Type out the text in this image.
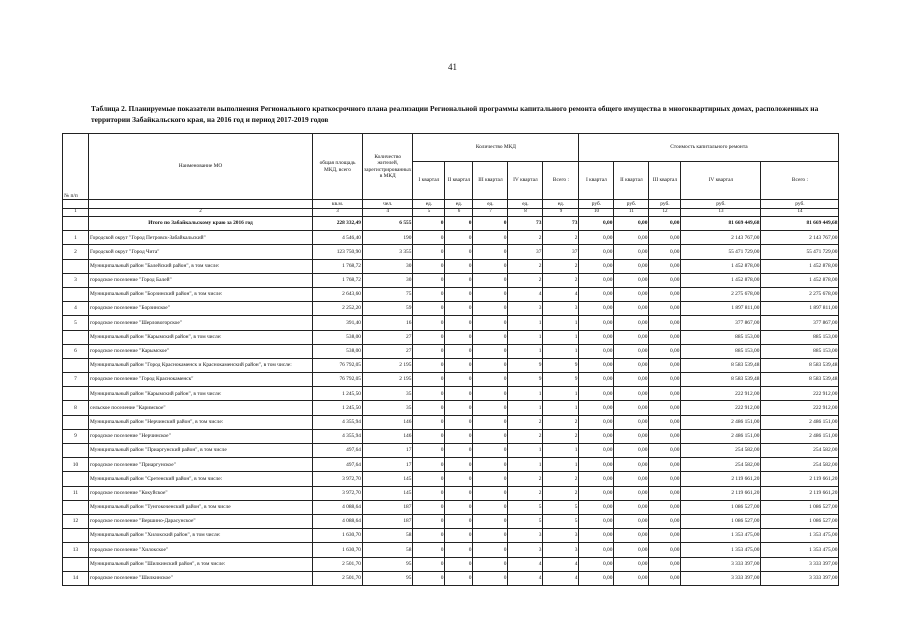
41
Таблица 2. Планируемые показатели выполнения Регионального краткосрочного плана реализации Региональной программы капитального ремонта общего имущества в многоквартирных домах, расположенных на территории Забайкальского края, на 2016 год и период 2017-2019 годов
№ п/п	Наименование МО	общая площадь МКД, всего	Количество жителей, зарегистрированных в МКД	Количество МКД					Стоимость капитального ремонта				
				I квартал	II квартал	III квартал	IV квартал	Всего :	I квартал	II квартал	III квартал	IV квартал	Всего :
		кв.м.	чел.	ед.	ед.	ед.	ед.	ед.	руб.	руб.	руб.	руб.	руб.
1	2	3	4	5	6	7	8	9	10	11	12	13	14
	Итого по Забайкальскому краю за 2016 год	228 332,49	6 555	0	0	0	73	73	0,00	0,00	0,00	81 669 449,68	81 669 449,68
1	Городской округ "Город Петровск-Забайкальский"	4 546,40	190	0	0	0	2	2	0,00	0,00	0,00	2 143 767,00	2 143 767,00
2	Городской округ "Город Чита"	123 750,90	3 355	0	0	0	37	37	0,00	0,00	0,00	55 471 729,00	55 471 729,00
	Муниципальный район "Балейский район", в том числе:	1 768,72	30	0	0	0	2	2	0,00	0,00	0,00	1 452 878,00	1 452 878,00
3	городское поселение "Город Балей"	1 768,72	30	0	0	0	2	2	0,00	0,00	0,00	1 452 878,00	1 452 878,00
	Муниципальный район "Борзинский район", в том числе:	2 643,60	75	0	0	0	4	4	0,00	0,00	0,00	2 275 678,00	2 275 678,00
4	городское поселение "Борзинское"	2 252,20	59	0	0	0	3	3	0,00	0,00	0,00	1 897 811,00	1 897 811,00
5	городское поселение "Шерловогорское"	391,40	16	0	0	0	1	1	0,00	0,00	0,00	377 867,00	377 867,00
	Муниципальный район "Карымский район", в том числе:	538,00	27	0	0	0	1	1	0,00	0,00	0,00	885 153,00	885 153,00
6	городское поселение "Карымское"	538,00	27	0	0	0	1	1	0,00	0,00	0,00	885 153,00	885 153,00
	Муниципальный район "Город Краснокаменск и Краснокаменский район", в том числе:	76 792,05	2 195	0	0	0	9	9	0,00	0,00	0,00	8 583 539,48	8 583 539,48
7	городское поселение "Город Краснокаменск"	76 792,05	2 195	0	0	0	9	9	0,00	0,00	0,00	8 583 539,48	8 583 539,48
	Муниципальный район "Карымский район", в том числе:	1 245,50	35	0	0	0	1	1	0,00	0,00	0,00	222 912,00	222 912,00
8	сельское поселение "Каримское"	1 245,50	35	0	0	0	1	1	0,00	0,00	0,00	222 912,00	222 912,00
	Муниципальный район "Нерчинский район", в том числе:	4 355,94	146	0	0	0	2	2	0,00	0,00	0,00	2 486 151,00	2 486 151,00
9	городское поселение "Нерчинское"	4 355,94	146	0	0	0	2	2	0,00	0,00	0,00	2 486 151,00	2 486 151,00
	Муниципальный район "Приаргунский район", в том числе	497,64	17	0	0	0	1	1	0,00	0,00	0,00	254 582,00	254 582,00
10	городское поселение "Приаргунское"	497,64	17	0	0	0	1	1	0,00	0,00	0,00	254 582,00	254 582,00
	Муниципальный район "Сретенский район", в том числе:	3 972,70	145	0	0	0	2	2	0,00	0,00	0,00	2 119 661,20	2 119 661,20
11	городское поселение "Кокуйское"	3 972,70	145	0	0	0	2	2	0,00	0,00	0,00	2 119 661,20	2 119 661,20
	Муниципальный район "Тунгокоченский район", в том числе	4 088,64	187	0	0	0	5	5	0,00	0,00	0,00	1 086 527,00	1 086 527,00
12	городское поселение "Вершино-Дарасунское"	4 088,64	187	0	0	0	5	5	0,00	0,00	0,00	1 086 527,00	1 086 527,00
	Муниципальный район "Хилокский район", в том числе:	1 630,70	58	0	0	0	3	3	0,00	0,00	0,00	1 353 475,00	1 353 475,00
13	городское поселение "Хилокское"	1 630,70	58	0	0	0	3	3	0,00	0,00	0,00	1 353 475,00	1 353 475,00
	Муниципальный район "Шилкинский район", в том числе:	2 501,70	95	0	0	0	4	4	0,00	0,00	0,00	3 333 397,00	3 333 397,00
14	городское поселение "Шилкинское"	2 501,70	95	0	0	0	4	4	0,00	0,00	0,00	3 333 397,00	3 333 397,00
